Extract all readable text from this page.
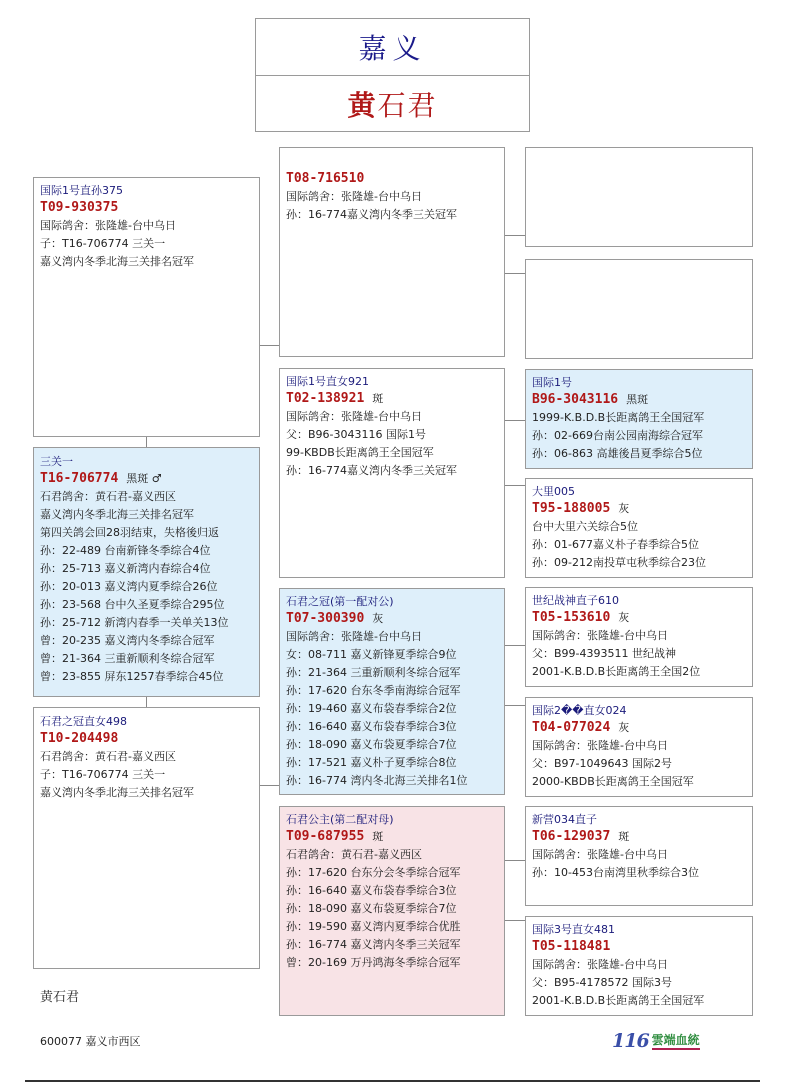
嘉义
黄 石君
国际1号直孙375
T09-930375
国际鸽舍：张隆雄-台中乌日
子：T16-706774 三关一
嘉义湾内冬季北海三关排名冠军
三关一
T16-706774 黑斑 ♂
石君鸽舍：黄石君-嘉义西区
嘉义湾内冬季北海三关排名冠军
第四关鸽会回28羽结束，失格後归返
孙：22-489 台南新锋冬季综合4位
孙：25-713 嘉义新湾内春综合4位
孙：20-013 嘉义湾内夏季综合26位
孙：23-568 台中久圣夏季综合295位
孙：25-712 新湾内春季一关单关13位
曾：20-235 嘉义湾内冬季综合冠军
曾：21-364 三重新顺利冬综合冠军
曾：23-855 屏东1257春季综合45位
石君之冠直女498
T10-204498
石君鸽舍：黄石君-嘉义西区
子：T16-706774 三关一
嘉义湾内冬季北海三关排名冠军
T08-716510
国际鸽舍：张隆雄-台中乌日
孙：16-774嘉义湾内冬季三关冠军
国际1号直女921
T02-138921 斑
国际鸽舍：张隆雄-台中乌日
父：B96-3043116 国际1号
99-KBDB长距离鸽王全国冠军
孙：16-774嘉义湾内冬季三关冠军
石君之冠(第一配对公)
T07-300390 灰
国际鸽舍：张隆雄-台中乌日
女：08-711 嘉义新锋夏季综合9位
孙：21-364 三重新顺利冬综合冠军
孙：17-620 台东冬季南海综合冠军
孙：19-460 嘉义布袋春季综合2位
孙：16-640 嘉义布袋春季综合3位
孙：18-090 嘉义布袋夏季综合7位
孙：17-521 嘉义朴子夏季综合8位
孙：16-774 湾内冬北海三关排名1位
石君公主(第二配对母)
T09-687955 斑
石君鸽舍：黄石君-嘉义西区
孙：17-620 台东分会冬季综合冠军
孙：16-640 嘉义布袋春季综合3位
孙：18-090 嘉义布袋夏季综合7位
孙：19-590 嘉义湾内夏季综合优胜
孙：16-774 嘉义湾内冬季三关冠军
曾：20-169 万丹鸿海冬季综合冠军
国际1号
B96-3043116 黑斑
1999-K.B.D.B长距离鸽王全国冠军
孙：02-669台南公园南海综合冠军
孙：06-863 高雄後昌夏季综合5位
大里005
T95-188005 灰
台中大里六关综合5位
孙：01-677嘉义朴子春季综合5位
孙：09-212南投草屯秋季综合23位
世纪战神直子610
T05-153610 灰
国际鸽舍：张隆雄-台中乌日
父：B99-4393511 世纪战神
2001-K.B.D.B长距离鸽王全国2位
国际2��直女024
T04-077024 灰
国际鸽舍：张隆雄-台中乌日
父：B97-1049643 国际2号
2000-KBDB长距离鸽王全国冠军
新营034直子
T06-129037 斑
国际鸽舍：张隆雄-台中乌日
孙：10-453台南湾里秋季综合3位
国际3号直女481
T05-118481
国际鸽舍：张隆雄-台中乌日
父：B95-4178572 国际3号
2001-K.B.D.B长距离鸽王全国冠军
黄石君
600077 嘉义市西区	116 雲端血統
